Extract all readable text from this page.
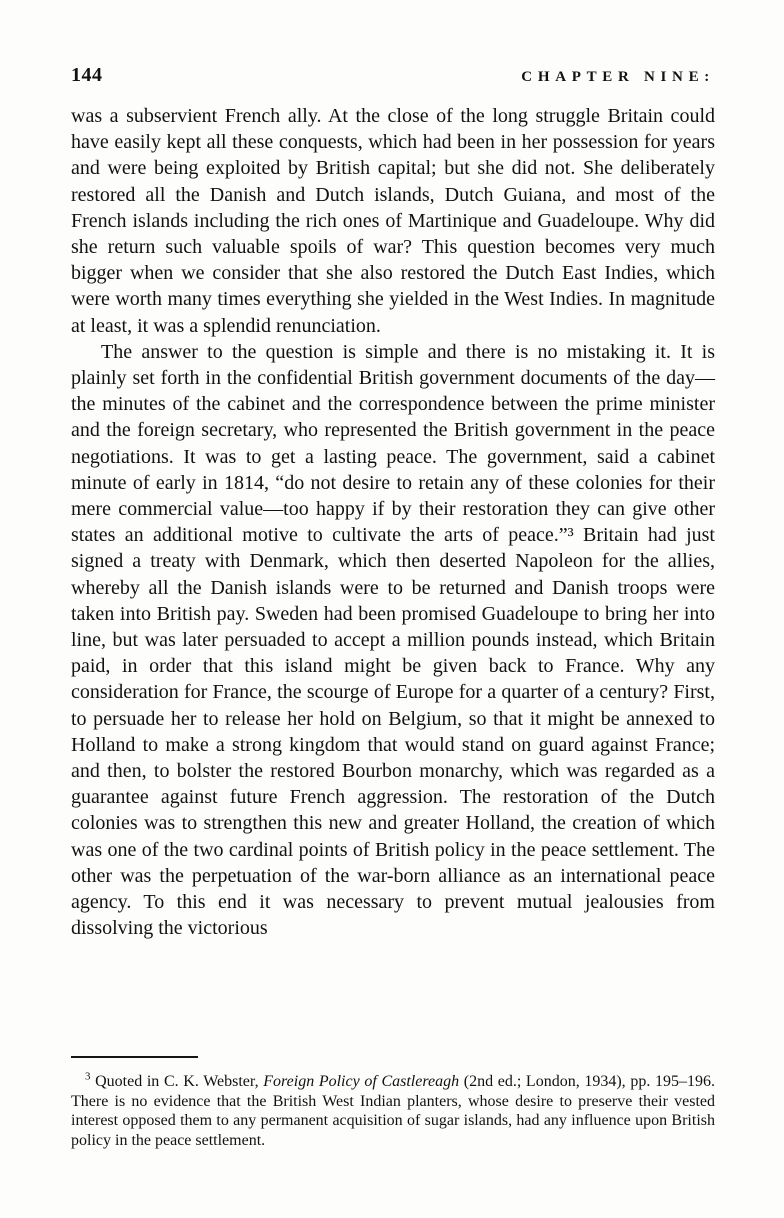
144	CHAPTER NINE:

was a subservient French ally. At the close of the long struggle Britain could have easily kept all these conquests, which had been in her possession for years and were being exploited by British capital; but she did not. She deliberately restored all the Danish and Dutch islands, Dutch Guiana, and most of the French islands including the rich ones of Martinique and Guadeloupe. Why did she return such valuable spoils of war? This question becomes very much bigger when we consider that she also restored the Dutch East Indies, which were worth many times everything she yielded in the West Indies. In magnitude at least, it was a splendid renunciation.

The answer to the question is simple and there is no mistaking it. It is plainly set forth in the confidential British government documents of the day—the minutes of the cabinet and the correspondence between the prime minister and the foreign secretary, who represented the British government in the peace negotiations. It was to get a lasting peace. The government, said a cabinet minute of early in 1814, “do not desire to retain any of these colonies for their mere commercial value—too happy if by their restoration they can give other states an additional motive to cultivate the arts of peace.”³ Britain had just signed a treaty with Denmark, which then deserted Napoleon for the allies, whereby all the Danish islands were to be returned and Danish troops were taken into British pay. Sweden had been promised Guadeloupe to bring her into line, but was later persuaded to accept a million pounds instead, which Britain paid, in order that this island might be given back to France. Why any consideration for France, the scourge of Europe for a quarter of a century? First, to persuade her to release her hold on Belgium, so that it might be annexed to Holland to make a strong kingdom that would stand on guard against France; and then, to bolster the restored Bourbon monarchy, which was regarded as a guarantee against future French aggression. The restoration of the Dutch colonies was to strengthen this new and greater Holland, the creation of which was one of the two cardinal points of British policy in the peace settlement. The other was the perpetuation of the war-born alliance as an international peace agency. To this end it was necessary to prevent mutual jealousies from dissolving the victorious

$^3$ Quoted in C. K. Webster, Foreign Policy of Castlereagh (2nd ed.; London, 1934), pp. 195–196. There is no evidence that the British West Indian planters, whose desire to preserve their vested interest opposed them to any permanent acquisition of sugar islands, had any influence upon British policy in the peace settlement.
